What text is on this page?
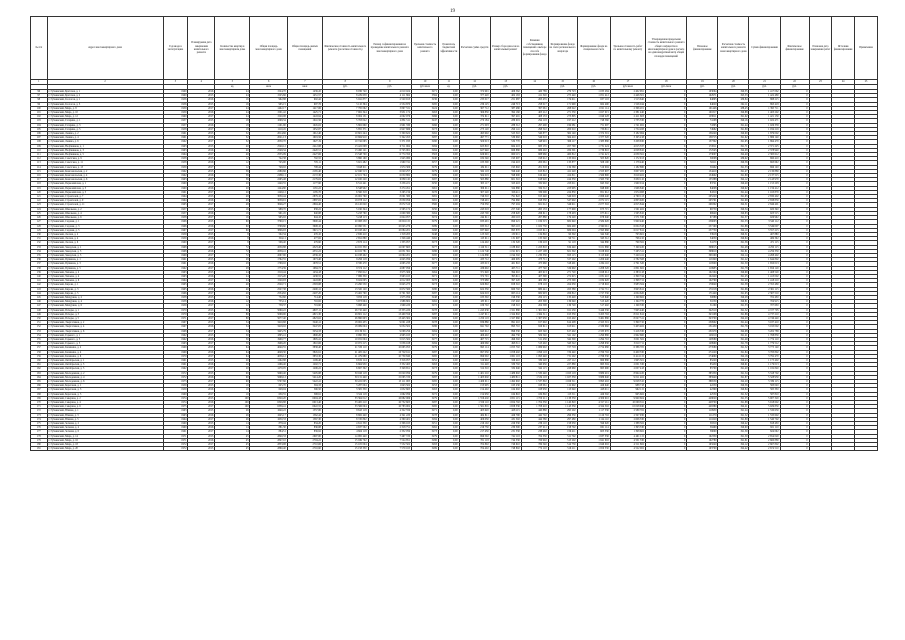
19
№ п/п	Адрес многоквартирного дома	Год ввода в эксплуатацию	Планируемая дата завершения капитального ремонта	Количество квартир в многоквартирном доме	Общая площадь многоквартирного дома	Общая площадь жилых помещений	Фактическая стоимость капитального ремонта (расчетная стоимость)	Размер софинансирования на проведение капитального ремонта многоквартирного дома	Удельная стоимость капитального ремонта	Показатель бюджетной эффективности	Расчетная сумма средств	Размер сбора взносов на капитальный ремонт	Решения собственников помещений о выборе способа формирования фонда	Формирование фонда на счете регионального оператора	Формирование фонда на специальном счете	Удельная стоимость работ по капитальному ремонту	Утвержденная предельная стоимость капитального ремонта общего имущества в многоквартирном доме в расчете на один квадратный метр общей площади помещений	Плановое финансирование	Расчетная стоимость капитального ремонта многоквартирного дома	Сумма финансирования	Фактическое финансирование	Плановая дата завершения работ	Источник финансирования	Примечание
1	2	3	4	5	6	7	8	9	10	11	12	13	14	15	16	17	18	19	20	21	22	23	24	25
				ед.	кв.м	кв.м	руб.	руб.	руб./кв.м	ед.	руб.	руб.		руб.	руб.	руб./кв.м	руб./кв.м	руб.	руб.	руб.	руб.			
96	г. Губкинский, Братская, д. 1	1960	2016	24	1524,70	1439,45	8 036 740	4 010 024	5271	0,00	372 991	406 562	420 789	279 723	1 035 284	2 402 991	0	103064	190,35	1 417 062	0			
97	г. Губкинский, Братская, д. 2	1960	2015	24	1525,66	1451,57	8 229 658	4 111 804	5394	0,00	377 420	402 163	411 320	275 440	1 051 412	2 446 301	0	102971	195,53	1 422 480	0			
98	г. Губкинский, Геологов, д. 1	1956	2016	16	962,88	902,42	5 041 877	2 520 913	5236	0,00	235 017	251 087	263 455	174 611	657 118	1 513 640	0	64895	189,84	888 215	0			
99	г. Губкинский, Геологов, д. 3	1956	2015	16	965,15	907,76	5 110 394	2 554 870	5295	0,00	236 125	249 713	258 017	171 990	662 490	1 526 044	0	64620	192,11	893 418	0			
100	г. Губкинский, Мира, д. 8	1959	2017	24	1492,17	1417,86	7 795 062	3 897 531	5224	0,00	367 712	387 480	397 061	268 022	1 021 114	2 366 201	0	101446	188,45	1 395 711	0			
101	г. Губкинский, Мира, д. 10	1959	2016	24	1501,42	1425,71	7 902 344	3 951 172	5263	0,00	369 830	392 160	403 212	271 530	1 027 015	2 381 440	0	101817	190,88	1 403 202	0			
102	г. Губкинский, Мира, д. 12	1960	2017	24	1520,08	1443,94	8 004 151	4 002 076	5266	0,00	374 611	397 401	408 133	273 805	1 040 228	2 411 603	0	103011	191,02	1 421 130	0			
103	г. Губкинский, Гагарина, д. 1	1957	2015	18	1098,34	1041,56	5 763 022	2 881 511	5247	0,00	270 184	286 019	294 118	197 212	748 560	1 735 330	0	74108	190,16	1 022 471	0			
104	г. Губкинский, Гагарина, д. 3	1957	2016	18	1101,90	1045,02	5 802 660	2 901 330	5266	0,00	271 003	288 512	297 400	199 081	751 007	1 741 902	0	74395	191,44	1 026 358	0			
105	г. Губкинский, Гагарина, д. 5	1958	2017	18	1110,45	1052,87	5 855 371	2 927 686	5273	0,00	273 120	290 141	298 522	200 010	756 811	1 754 208	0	74982	191,80	1 034 219	0			
106	г. Губкинский, Ленина, д. 2	1961	2015	32	2014,66	1912,40	10 601 244	5 300 622	5262	0,00	495 902	525 310	540 877	362 140	1 372 501	3 182 064	0	136240	190,90	1 879 002	0			
107	г. Губкинский, Ленина, д. 4	1961	2016	32	2021,13	1919,56	10 684 910	5 342 455	5287	0,00	497 771	530 092	546 018	364 410	1 377 320	3 195 218	0	136715	191,62	1 886 140	0			
108	г. Губкинский, Ленина, д. 6	1962	2017	32	2030,70	1927,19	10 742 065	5 371 033	5290	0,00	500 013	532 770	548 901	366 117	1 383 880	3 208 630	0	137302	191,95	1 894 470	0			
109	г. Губкинский, Нефтяников, д. 1	1963	2015	40	2540,12	2412,88	13 422 008	6 711 004	5284	0,00	625 810	664 218	683 155	457 790	1 731 224	4 015 337	0	172011	191,71	2 371 225	0			
110	г. Губкинский, Нефтяников, д. 3	1963	2016	40	2548,34	2420,51	13 490 121	6 745 061	5294	0,00	627 940	666 880	686 402	459 301	1 736 810	4 028 810	0	172545	192,08	2 378 940	0			
111	г. Губкинский, Нефтяников, д. 5	1964	2017	40	2555,09	2427,66	13 548 700	6 774 350	5303	0,00	629 601	669 115	688 960	460 812	1 741 421	4 039 561	0	173007	192,40	2 385 612	0			
112	г. Губкинский, Советская, д. 9	1958	2015	12	742,38	702,55	3 890 160	1 945 080	5240	0,00	182 540	193 007	198 612	133 004	505 820	1 172 913	0	50008	189,92	690 410	0			
113	г. Губкинский, Советская, д. 11	1958	2016	12	745,90	705,11	3 921 482	1 960 741	5257	0,00	183 300	194 418	200 061	133 877	508 190	1 178 440	0	50211	190,56	693 602	0			
114	г. Губкинский, Советская, д. 13	1959	2017	12	748,02	708,44	3 948 611	1 974 306	5279	0,00	184 011	195 602	201 318	134 560	510 004	1 182 880	0	50402	191,33	696 120	0			
115	г. Губкинский, Комсомольская, д. 2	1962	2015	36	2280,66	2165,40	12 040 513	6 020 257	5279	0,00	562 118	596 440	613 812	411 220	1 555 907	3 607 205	0	154410	191,47	2 130 880	0			
116	г. Губкинский, Комсомольская, д. 4	1962	2016	36	2288,11	2172,30	12 101 764	6 050 882	5289	0,00	564 019	598 900	616 440	412 811	1 560 890	3 619 402	0	154902	191,80	2 137 515	0			
117	г. Губкинский, Комсомольская, д. 6	1963	2017	36	2295,48	2179,02	12 160 220	6 080 110	5297	0,00	565 880	601 310	618 920	414 350	1 565 730	3 630 110	0	155388	192,12	2 143 970	0			
118	г. Губкинский, Первомайская, д. 1	1960	2015	20	1240,55	1177,90	6 512 441	3 256 221	5250	0,00	305 117	323 418	332 902	223 011	845 502	1 960 014	0	83721	190,40	1 155 203	0			
119	г. Губкинский, Первомайская, д. 3	1960	2016	20	1244,80	1181,22	6 548 902	3 274 451	5261	0,00	306 011	324 880	334 512	223 905	848 600	1 966 840	0	84008	190,92	1 159 412	0			
120	г. Губкинский, Первомайская, д. 5	1961	2017	20	1249,12	1185,70	6 590 318	3 295 159	5276	0,00	307 220	326 411	336 006	224 830	851 912	1 974 008	0	84310	191,44	1 163 870	0			
121	г. Губкинский, Строителей, д. 7	1964	2015	48	3030,44	2879,10	16 002 760	8 001 380	5281	0,00	746 310	791 822	815 440	546 018	2 066 440	4 790 113	0	205220	191,65	2 830 402	0			
122	г. Губкинский, Строителей, д. 9	1964	2016	48	3038,91	2887,02	16 078 112	8 039 056	5291	0,00	748 401	794 660	818 330	547 902	2 072 115	4 803 920	0	205791	191,99	2 838 850	0			
123	г. Губкинский, Строителей, д. 11	1965	2017	48	3046,27	2894,40	16 145 020	8 072 510	5300	0,00	750 330	797 204	821 012	549 611	2 077 302	4 815 844	0	206302	192,31	2 846 401	0			
124	г. Губкинский, Школьная, д. 2	1957	2015	16	988,70	938,22	5 190 344	2 595 172	5250	0,00	243 018	257 540	265 133	177 600	673 715	1 561 402	0	66750	190,34	920 340	0			
125	г. Губкинский, Школьная, д. 4	1957	2016	16	991,45	940,88	5 218 760	2 609 380	5264	0,00	243 700	258 920	266 611	178 403	675 611	1 565 810	0	66940	190,83	923 515	0			
126	г. Губкинский, Школьная, д. 6	1958	2017	16	995,02	944,10	5 248 113	2 624 057	5274	0,00	244 611	260 118	267 880	179 220	678 040	1 571 330	0	67188	191,37	926 902	0			
127	г. Губкинский, Садовая, д. 1	1966	2015	60	3790,15	3600,44	20 008 230	10 004 115	5279	0,00	933 401	990 221	1 019 515	682 640	2 584 020	5 990 440	0	256603	191,53	3 540 112	0			
128	г. Губкинский, Садовая, д. 3	1966	2016	60	3798,60	3608,10	20 090 551	10 045 276	5289	0,00	935 512	993 118	1 022 730	684 400	2 590 011	6 004 318	0	257190	191,86	3 549 007	0			
129	г. Губкинский, Садовая, д. 5	1967	2017	60	3806,93	3615,71	20 168 402	10 084 201	5298	0,00	937 640	995 870	1 025 611	686 004	2 595 660	6 017 812	0	257730	192,19	3 557 215	0			
130	г. Губкинский, Лесная, д. 2	1959	2015	8	502,34	476,10	2 636 410	1 318 205	5248	0,00	123 520	130 911	134 802	90 302	342 340	793 601	0	33918	190,31	467 880	0			
131	г. Губкинский, Лесная, д. 4	1959	2016	8	504,11	477,82	2 652 880	1 326 440	5262	0,00	123 911	131 607	135 540	90 711	343 512	796 210	0	34030	190,84	469 302	0			
132	г. Губкинский, Лесная, д. 6	1960	2017	8	506,40	479,90	2 670 114	1 335 057	5273	0,00	124 402	132 320	136 218	91 118	344 880	799 302	0	34170	191,36	471 115	0			
133	г. Губкинский, Заводская, д. 1	1968	2015	72	4550,88	4323,40	24 015 330	12 007 665	5277	0,00	1 120 511	1 188 602	1 223 810	819 440	3 101 880	7 190 220	0	308015	191,48	4 250 115	0			
134	г. Губкинский, Заводская, д. 3	1968	2016	72	4559,41	4331,22	24 102 781	12 051 391	5286	0,00	1 122 740	1 191 615	1 227 108	821 302	3 108 002	7 205 511	0	308610	191,81	4 259 330	0			
135	г. Губкинский, Заводская, д. 5	1969	2017	72	4567,90	4339,10	24 188 402	12 094 201	5295	0,00	1 124 880	1 194 502	1 230 330	823 115	3 113 940	7 220 411	0	309190	192,14	4 268 402	0			
136	г. Губкинский, Пушкина, д. 1	1961	2015	28	1762,55	1673,40	9 290 118	4 645 059	5271	0,00	433 712	460 005	473 711	317 202	1 200 440	2 782 508	0	119190	191,22	1 644 802	0			
137	г. Губкинский, Пушкина, д. 3	1961	2016	28	1768,02	1678,51	9 330 470	4 665 235	5277	0,00	435 013	461 810	475 660	318 401	1 204 110	2 791 320	0	119560	191,50	1 650 013	0			
138	г. Губкинский, Пушкина, д. 5	1962	2017	28	1774,39	1684,72	9 374 112	4 687 056	5283	0,00	436 602	463 711	477 740	319 602	1 208 520	2 801 602	0	119985	191,78	1 656 120	0			
139	г. Губкинский, Чапаева, д. 2	1963	2015	24	1510,44	1434,18	7 950 612	3 975 306	5264	0,00	371 620	394 010	405 613	271 720	1 028 012	2 383 118	0	102104	190,99	1 408 520	0			
140	г. Губкинский, Чапаева, д. 4	1963	2016	24	1515,20	1438,55	7 986 330	3 993 165	5271	0,00	372 701	395 611	407 390	272 615	1 031 410	2 390 744	0	102420	191,25	1 413 002	0			
141	г. Губкинский, Чапаева, д. 6	1964	2017	24	1520,93	1443,80	8 024 005	4 012 003	5276	0,00	373 980	397 220	409 180	273 590	1 034 920	2 398 712	0	102790	191,49	1 418 210	0			
142	г. Губкинский, Кирова, д. 1	1965	2015	40	2520,71	2393,88	13 290 550	6 645 275	5273	0,00	620 802	658 510	678 118	454 030	1 718 602	3 983 304	0	170640	191,38	2 355 480	0			
143	г. Губкинский, Кирова, д. 3	1965	2016	40	2527,38	2400,12	13 345 120	6 672 560	5280	0,00	622 330	660 702	680 441	455 380	1 722 711	3 993 812	0	171018	191,66	2 361 115	0			
144	г. Губкинский, Кирова, д. 5	1966	2017	40	2534,82	2407,20	13 402 790	6 701 395	5287	0,00	624 018	663 114	682 903	456 812	1 727 330	4 004 620	0	171440	191,95	2 367 510	0			
145	г. Губкинский, Мичурина, д. 2	1958	2015	12	752,60	714,40	3 950 118	1 975 059	5248	0,00	185 302	196 330	202 115	135 420	513 640	1 190 602	0	50880	190,28	702 430	0			
146	г. Губкинский, Мичурина, д. 4	1958	2016	12	755,14	716,82	3 973 604	1 986 802	5262	0,00	185 911	197 402	203 300	136 040	515 420	1 194 770	0	51050	190,81	704 915	0			
147	г. Губкинский, Мичурина, д. 6	1959	2017	12	758,37	719,90	3 998 440	1 999 220	5272	0,00	186 702	198 510	204 508	136 720	517 402	1 199 330	0	51260	191,33	707 630	0			
148	г. Губкинский, Победы, д. 1	1970	2015	80	5060,22	4807,11	26 710 440	13 355 220	5278	0,00	1 245 630	1 321 880	1 361 002	911 230	3 449 330	7 995 440	0	342510	191,52	4 727 705	0			
149	г. Губкинский, Победы, д. 3	1970	2016	80	5068,90	4815,30	26 801 112	13 400 556	5287	0,00	1 247 911	1 324 802	1 364 511	913 330	3 455 702	8 011 812	0	343108	191,86	4 737 210	0			
150	г. Губкинский, Победы, д. 5	1971	2017	80	5077,40	4823,62	26 890 603	13 445 302	5296	0,00	1 250 118	1 327 660	1 367 930	915 402	3 461 880	8 027 511	0	343700	192,20	4 746 440	0			
151	г. Губкинский, Энергетиков, д. 2	1967	2015	54	3410,68	3240,12	18 002 455	9 001 228	5278	0,00	839 880	891 210	917 602	614 408	2 325 501	5 390 710	0	230902	191,44	3 187 410	0			
152	г. Губкинский, Энергетиков, д. 4	1967	2016	54	3418,02	3247,05	18 069 004	9 034 502	5286	0,00	841 702	893 710	920 611	615 911	2 330 660	5 403 402	0	231430	191,76	3 195 002	0			
153	г. Губкинский, Энергетиков, д. 6	1968	2017	54	3425,79	3254,33	18 136 511	9 068 256	5294	0,00	843 612	896 330	923 540	617 402	2 335 970	5 416 330	0	231970	192,08	3 202 788	0			
154	г. Губкинский, Горького, д. 1	1962	2015	30	1895,41	1800,20	9 990 330	4 995 165	5271	0,00	466 402	494 730	509 540	341 102	1 290 880	2 992 660	0	128210	191,21	1 768 830	0			
155	г. Губкинский, Горького, д. 3	1962	2016	30	1900,77	1805,41	10 031 004	5 015 502	5277	0,00	467 715	496 502	511 430	342 300	1 294 710	3 001 502	0	128580	191,49	1 774 110	0			
156	г. Губкинский, Горького, д. 5	1963	2017	30	1906,20	1810,66	10 072 215	5 036 108	5284	0,00	469 060	498 311	513 402	343 522	1 298 630	3 010 711	0	128960	191,78	1 779 512	0			
157	г. Губкинский, Калинина, д. 2	1969	2015	64	4040,55	3838,40	21 330 110	10 665 055	5279	0,00	995 114	1 055 702	1 086 902	727 718	2 754 980	6 386 705	0	273580	191,52	3 775 140	0			
158	г. Губкинский, Калинина, д. 4	1969	2016	64	4048,30	3845,91	21 405 222	10 702 611	5287	0,00	997 030	1 058 402	1 090 118	729 440	2 760 702	6 400 330	0	274120	191,84	3 783 802	0			
159	г. Губкинский, Калинина, д. 6	1970	2017	64	4056,12	3853,30	21 479 680	10 739 840	5295	0,00	999 002	1 061 118	1 093 440	731 202	2 766 330	6 414 115	0	274660	192,16	3 792 470	0			
160	г. Губкинский, Октябрьская, д. 1	1961	2015	20	1262,88	1199,40	6 632 114	3 316 057	5252	0,00	310 602	329 410	339 220	227 112	860 880	1 995 501	0	85220	190,43	1 175 402	0			
161	г. Губкинский, Октябрьская, д. 3	1961	2016	20	1266,40	1202,71	6 664 930	3 332 465	5263	0,00	311 420	330 702	340 630	227 880	863 304	2 001 330	0	85450	190,91	1 179 013	0			
162	г. Губкинский, Октябрьская, д. 5	1962	2017	20	1270,05	1206,22	6 697 302	3 348 651	5273	0,00	312 310	332 040	342 115	228 660	865 990	2 007 418	0	85700	191,40	1 182 840	0			
163	г. Губкинский, Молодежная, д. 2	1972	2015	90	5690,40	5405,88	30 040 118	15 020 059	5279	0,00	1 401 210	1 486 602	1 530 440	1 025 118	3 880 401	8 994 220	0	385330	191,54	5 318 702	0			
164	г. Губкинский, Молодежная, д. 4	1972	2016	90	5699,12	5414,20	30 131 440	15 065 720	5287	0,00	1 403 602	1 489 811	1 534 118	1 027 330	3 886 940	9 011 402	0	385940	191,87	5 328 930	0			
165	г. Губкинский, Молодежная, д. 6	1973	2017	90	5707,66	5422,41	30 222 005	15 111 003	5295	0,00	1 406 011	1 492 902	1 537 802	1 029 511	3 893 402	9 028 510	0	386550	192,20	5 339 115	0			
166	г. Губкинский, Береговая, д. 1	1959	2015	10	625,70	594,33	3 287 004	1 643 502	5253	0,00	153 905	163 230	168 061	112 602	426 640	988 718	0	42250	190,36	583 020	0			
167	г. Губкинский, Береговая, д. 3	1959	2016	10	628,04	596,50	3 305 330	1 652 665	5263	0,00	154 402	164 002	168 930	113 040	428 011	992 115	0	42390	190,84	585 330	0			
168	г. Губкинский, Береговая, д. 5	1960	2017	10	630,55	598,91	3 324 118	1 662 059	5272	0,00	154 930	164 810	169 802	113 511	429 502	995 602	0	42550	191,32	587 810	0			
169	г. Губкинский, Северная, д. 2	1974	2015	100	6320,20	6004,18	33 364 012	16 682 006	5279	0,00	1 556 402	1 651 115	1 700 211	1 138 330	4 309 910	9 990 604	0	428020	191,55	5 907 320	0			
170	г. Губкинский, Северная, д. 4	1974	2016	100	6329,88	6013,40	33 465 210	16 732 605	5287	0,00	1 559 110	1 654 702	1 704 330	1 140 820	4 317 211	10 009 811	0	428700	191,88	5 918 602	0			
171	г. Губкинский, Северная, д. 6	1975	2017	100	6339,41	6022,55	33 566 004	16 783 002	5295	0,00	1 561 801	1 658 330	1 708 410	1 143 330	4 324 502	10 028 940	0	429380	192,21	5 929 830	0			
172	г. Губкинский, Южная, д. 1	1963	2015	26	1640,22	1557,80	8 645 118	4 322 559	5271	0,00	403 620	428 115	440 880	295 202	1 117 330	2 589 702	0	110930	191,24	1 530 630	0			
173	г. Губкинский, Южная, д. 3	1963	2016	26	1645,17	1562,42	8 682 440	4 341 220	5278	0,00	404 811	429 790	442 702	296 330	1 120 702	2 597 930	0	111270	191,52	1 535 602	0			
174	г. Губкинский, Южная, д. 5	1964	2017	26	1650,33	1567,30	8 720 802	4 360 401	5284	0,00	406 030	431 502	444 580	297 480	1 124 110	2 606 330	0	111620	191,80	1 540 702	0			
175	г. Губкинский, Зеленая, д. 2	1960	2015	14	878,44	834,20	4 612 330	2 306 165	5251	0,00	216 102	229 330	236 110	158 030	599 020	1 388 502	0	59310	190,42	818 430	0			
176	г. Губкинский, Зеленая, д. 4	1960	2016	14	881,30	836,88	4 637 502	2 318 751	5262	0,00	216 730	230 300	237 211	158 702	601 114	1 393 330	0	59490	190,90	821 110	0			
177	г. Губкинский, Зеленая, д. 6	1961	2017	14	884,51	839,92	4 664 118	2 332 059	5273	0,00	217 430	231 330	238 402	159 411	603 330	1 398 602	0	59690	191,39	824 002	0			
178	г. Губкинский, Мира, д. 14	1971	2015	45	2840,33	2697,80	14 995 440	7 497 720	5279	0,00	699 502	742 118	764 330	511 702	1 937 330	4 491 115	0	192330	191,50	2 654 020	0			
179	г. Губкинский, Мира, д. 16	1971	2016	45	2847,10	2704,22	15 049 702	7 524 851	5286	0,00	701 118	744 330	766 902	513 202	1 941 602	4 501 330	0	192780	191,81	2 660 880	0			
180	г. Губкинский, Мира, д. 18	1972	2017	45	2853,98	2710,66	15 105 004	7 552 502	5293	0,00	702 802	746 610	769 540	514 730	1 946 002	4 511 802	0	193240	192,12	2 667 802	0			
181	г. Губкинский, Мира, д. 20	1972	2015	45	2860,40	2716,90	15 158 330	7 579 165	5299	0,00	704 402	748 802	772 110	516 211	1 950 330	4 522 002	0	193700	192,42	2 674 510	0			
